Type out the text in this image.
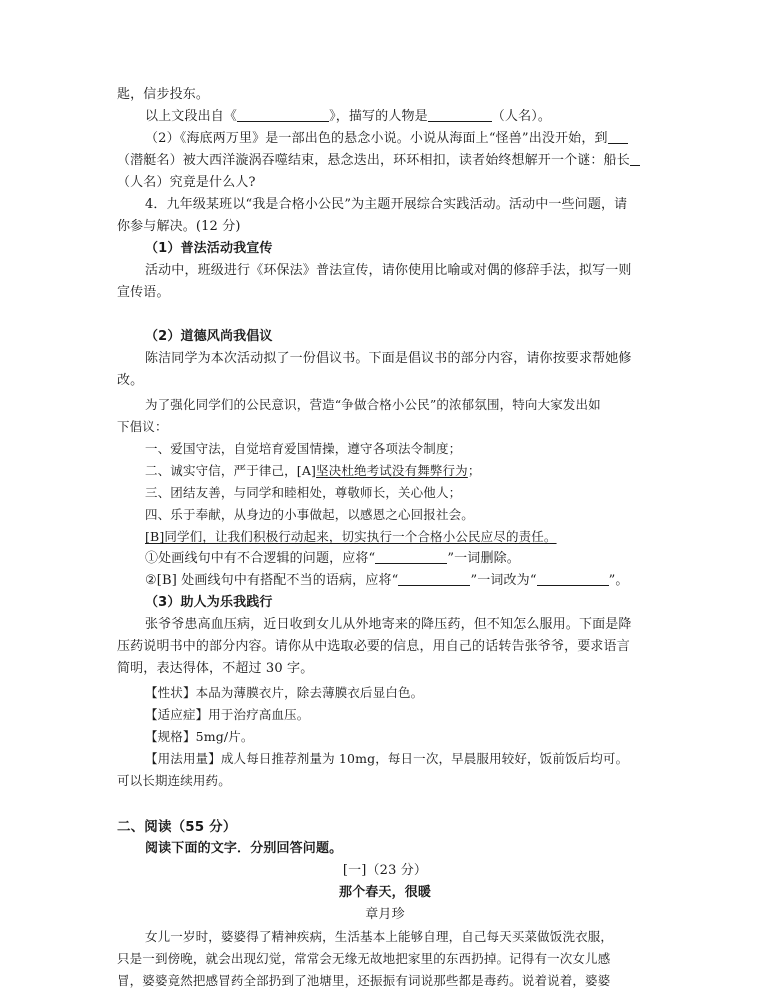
匙，信步投东。
以上文段出自《	》，描写的人物是	（人名）。
（2）《海底两万里》是一部出色的悬念小说。小说从海面上“怪兽”出没开始，到
（潜艇名）被大西洋漩涡吞噬结束，悬念迭出，环环相扣，读者始终想解开一个谜：船长
（人名）究竟是什么人?
4．九年级某班以“我是合格小公民”为主题开展综合实践活动。活动中一些问题，请
你参与解决。(12 分)
（1）普法活动我宣传
活动中，班级进行《环保法》普法宣传，请你使用比喻或对偶的修辞手法，拟写一则
宣传语。
（2）道德风尚我倡议
陈洁同学为本次活动拟了一份倡议书。下面是倡议书的部分内容，请你按要求帮她修
改。
为了强化同学们的公民意识，营造“争做合格小公民”的浓郁氛围，特向大家发出如
下倡议：
一、爱国守法，自觉培育爱国情操，遵守各项法令制度；
二、诚实守信，严于律己，[A]坚决杜绝考试没有舞弊行为；
三、团结友善，与同学和睦相处，尊敬师长，关心他人；
四、乐于奉献，从身边的小事做起，以感恩之心回报社会。
[B]同学们，让我们积极行动起来，切实执行一个合格小公民应尽的责任。
①处画线句中有不合逻辑的问题，应将“	”一词删除。
②[B] 处画线句中有搭配不当的语病，应将“	”一词改为“	”。
（3）助人为乐我践行
张爷爷患高血压病，近日收到女儿从外地寄来的降压药，但不知怎么服用。下面是降
压药说明书中的部分内容。请你从中选取必要的信息，用自己的话转告张爷爷，要求语言
简明，表达得体，不超过 30 字。
【性状】本品为薄膜衣片，除去薄膜衣后显白色。
【适应症】用于治疗高血压。
【规格】5mg/片。
【用法用量】成人每日推荐剂量为 10mg，每日一次，早晨服用较好，饭前饭后均可。
可以长期连续用药。
二、阅读（55 分）
阅读下面的文字．分别回答问题。
[一]（23 分）
那个春天，很暖
章月珍
女儿一岁时，婆婆得了精神疾病，生活基本上能够自理，自己每天买菜做饭洗衣服，
只是一到傍晚，就会出现幻觉，常常会无缘无故地把家里的东西扔掉。记得有一次女儿感
冒，婆婆竟然把感冒药全部扔到了池塘里，还振振有词说那些都是毒药。说着说着，婆婆
